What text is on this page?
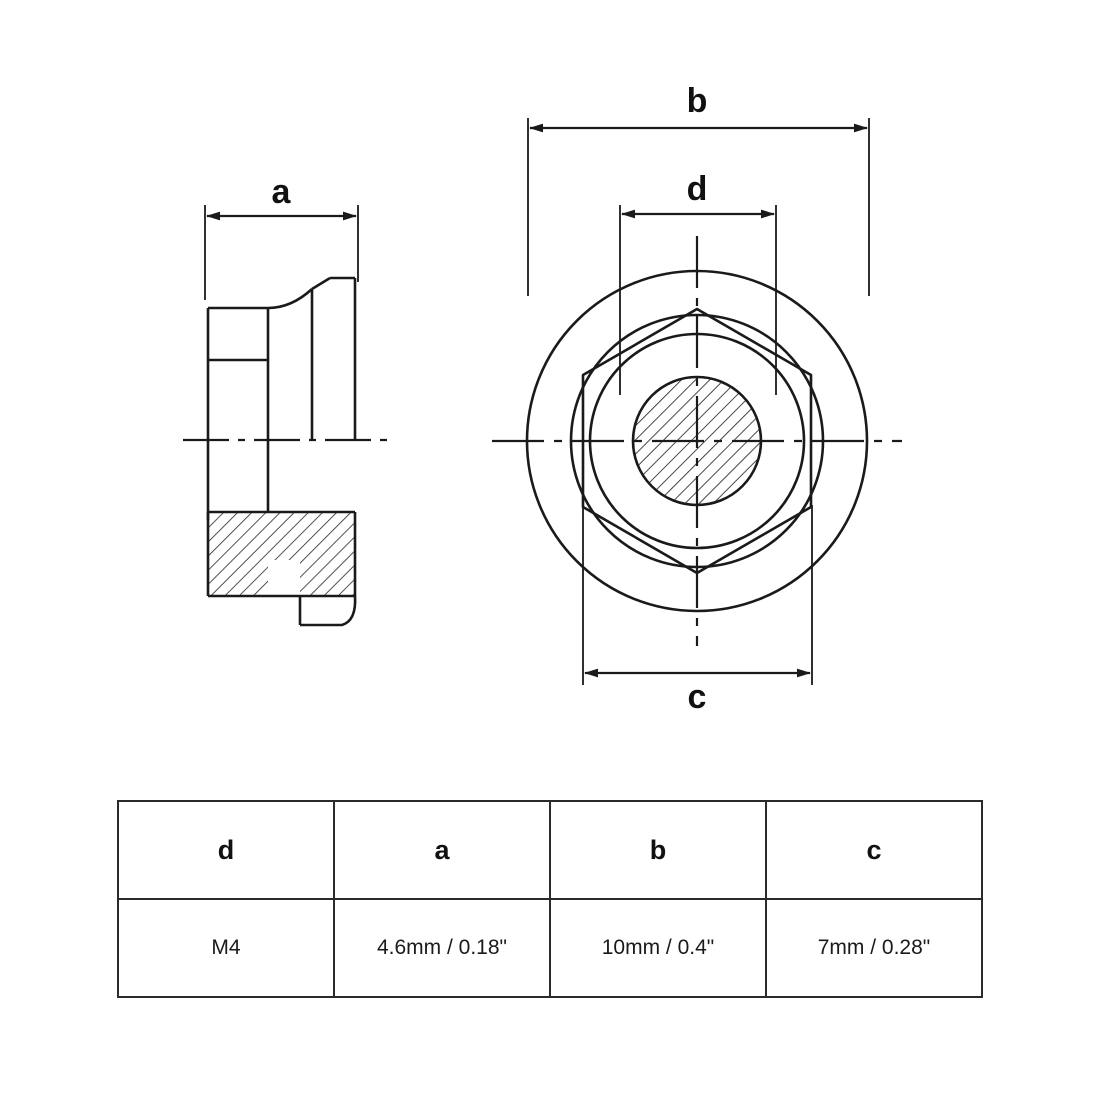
a
b
d
c
d	a	b	c
M4	4.6mm / 0.18"	10mm / 0.4"	7mm / 0.28"
